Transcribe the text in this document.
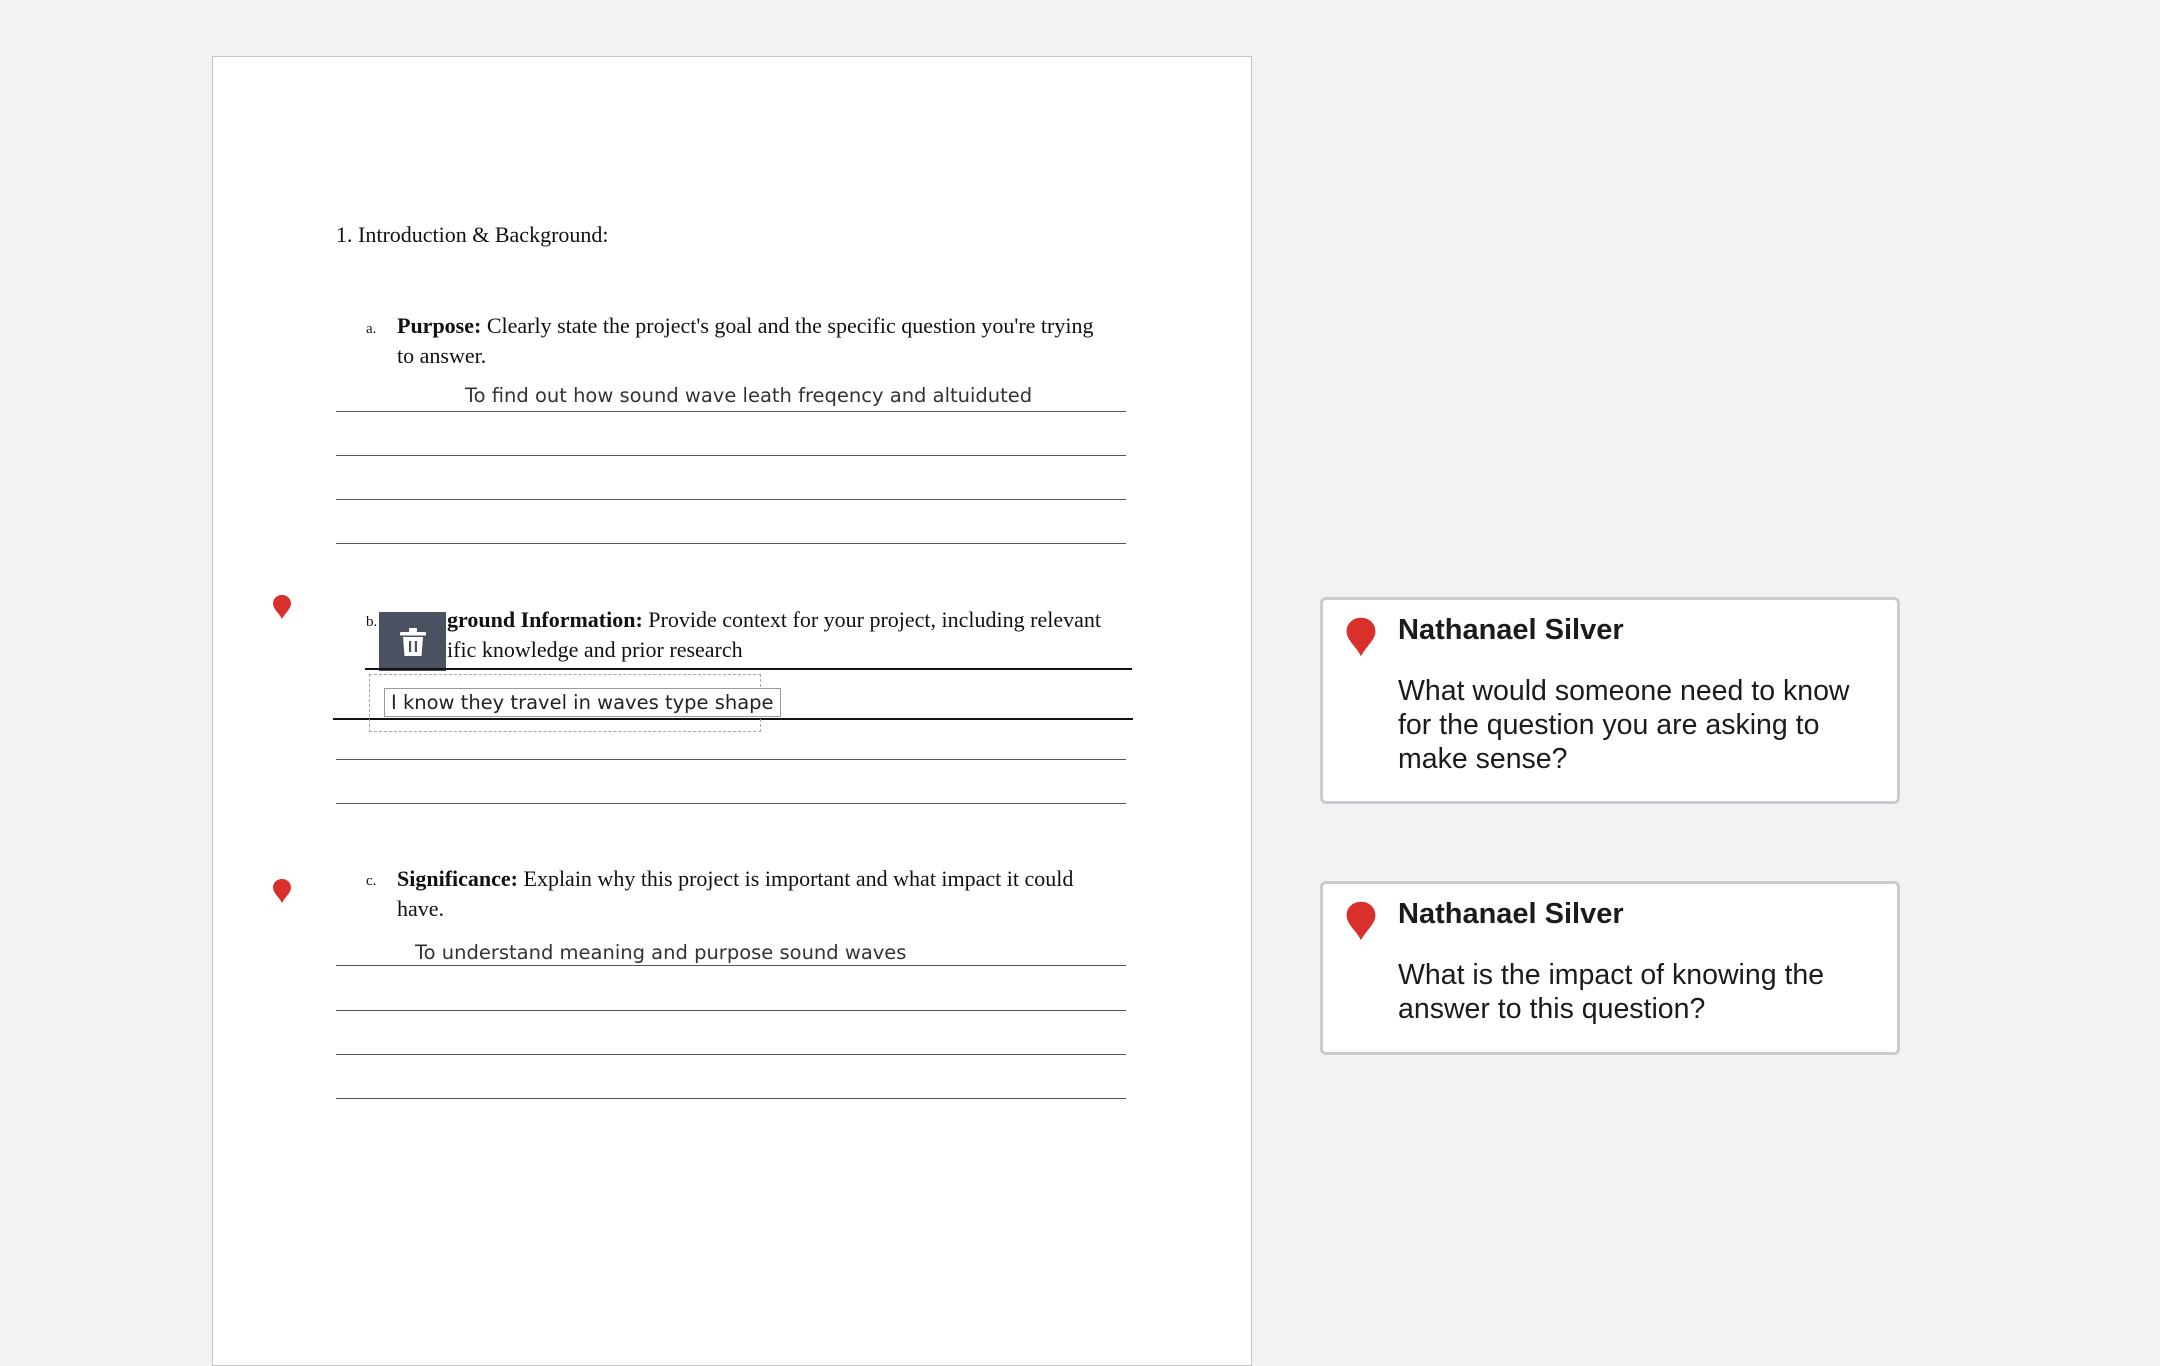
1. Introduction & Background:
a. Purpose: Clearly state the project's goal and the specific question you're trying
to answer.
To find out how sound wave leath freqency and altuiduted
b.	ground Information: Provide context for your project, including relevant
ific knowledge and prior research
I know they travel in waves type shape
c. Significance: Explain why this project is important and what impact it could
have.
To understand meaning and purpose sound waves
Nathanael Silver
What would someone need to know for the question you are asking to make sense?
Nathanael Silver
What is the impact of knowing the answer to this question?
